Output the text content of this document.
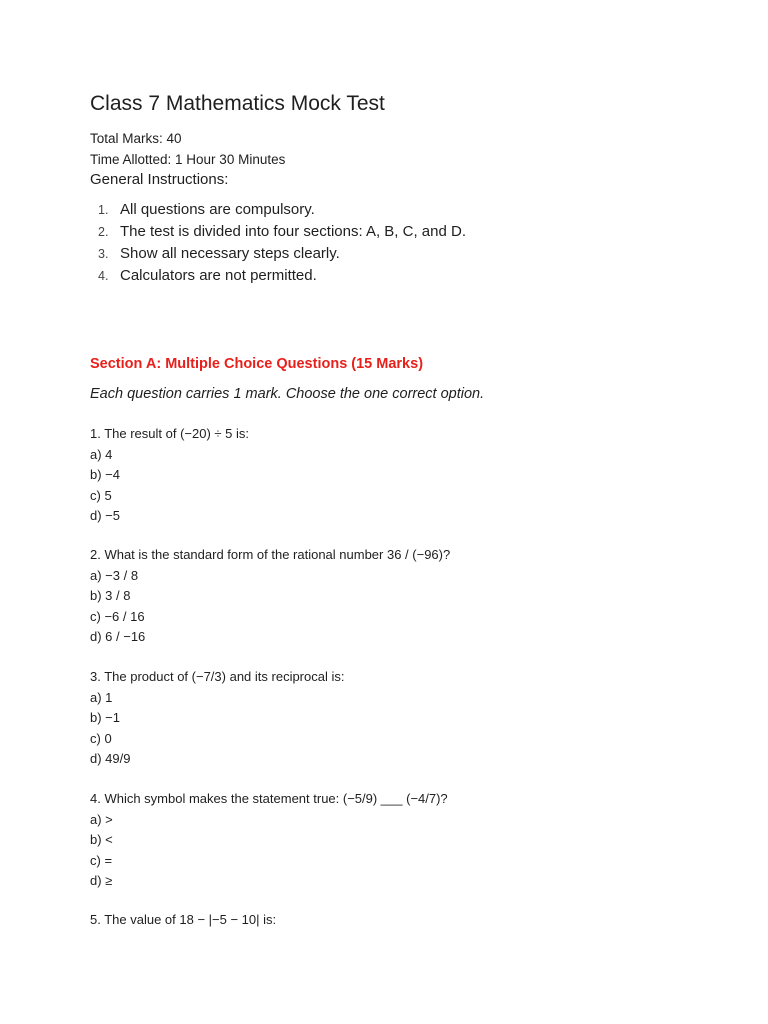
Class 7 Mathematics Mock Test
Total Marks: 40
Time Allotted: 1 Hour 30 Minutes
General Instructions:
1. All questions are compulsory.
2. The test is divided into four sections: A, B, C, and D.
3. Show all necessary steps clearly.
4. Calculators are not permitted.
Section A: Multiple Choice Questions (15 Marks)
Each question carries 1 mark. Choose the one correct option.
1. The result of (−20) ÷ 5 is:
a) 4
b) −4
c) 5
d) −5
2. What is the standard form of the rational number 36 / (−96)?
a) −3 / 8
b) 3 / 8
c) −6 / 16
d) 6 / −16
3. The product of (−7/3) and its reciprocal is:
a) 1
b) −1
c) 0
d) 49/9
4. Which symbol makes the statement true: (−5/9) ___ (−4/7)?
a) >
b) <
c) =
d) ≥
5. The value of 18 − |−5 − 10| is:
